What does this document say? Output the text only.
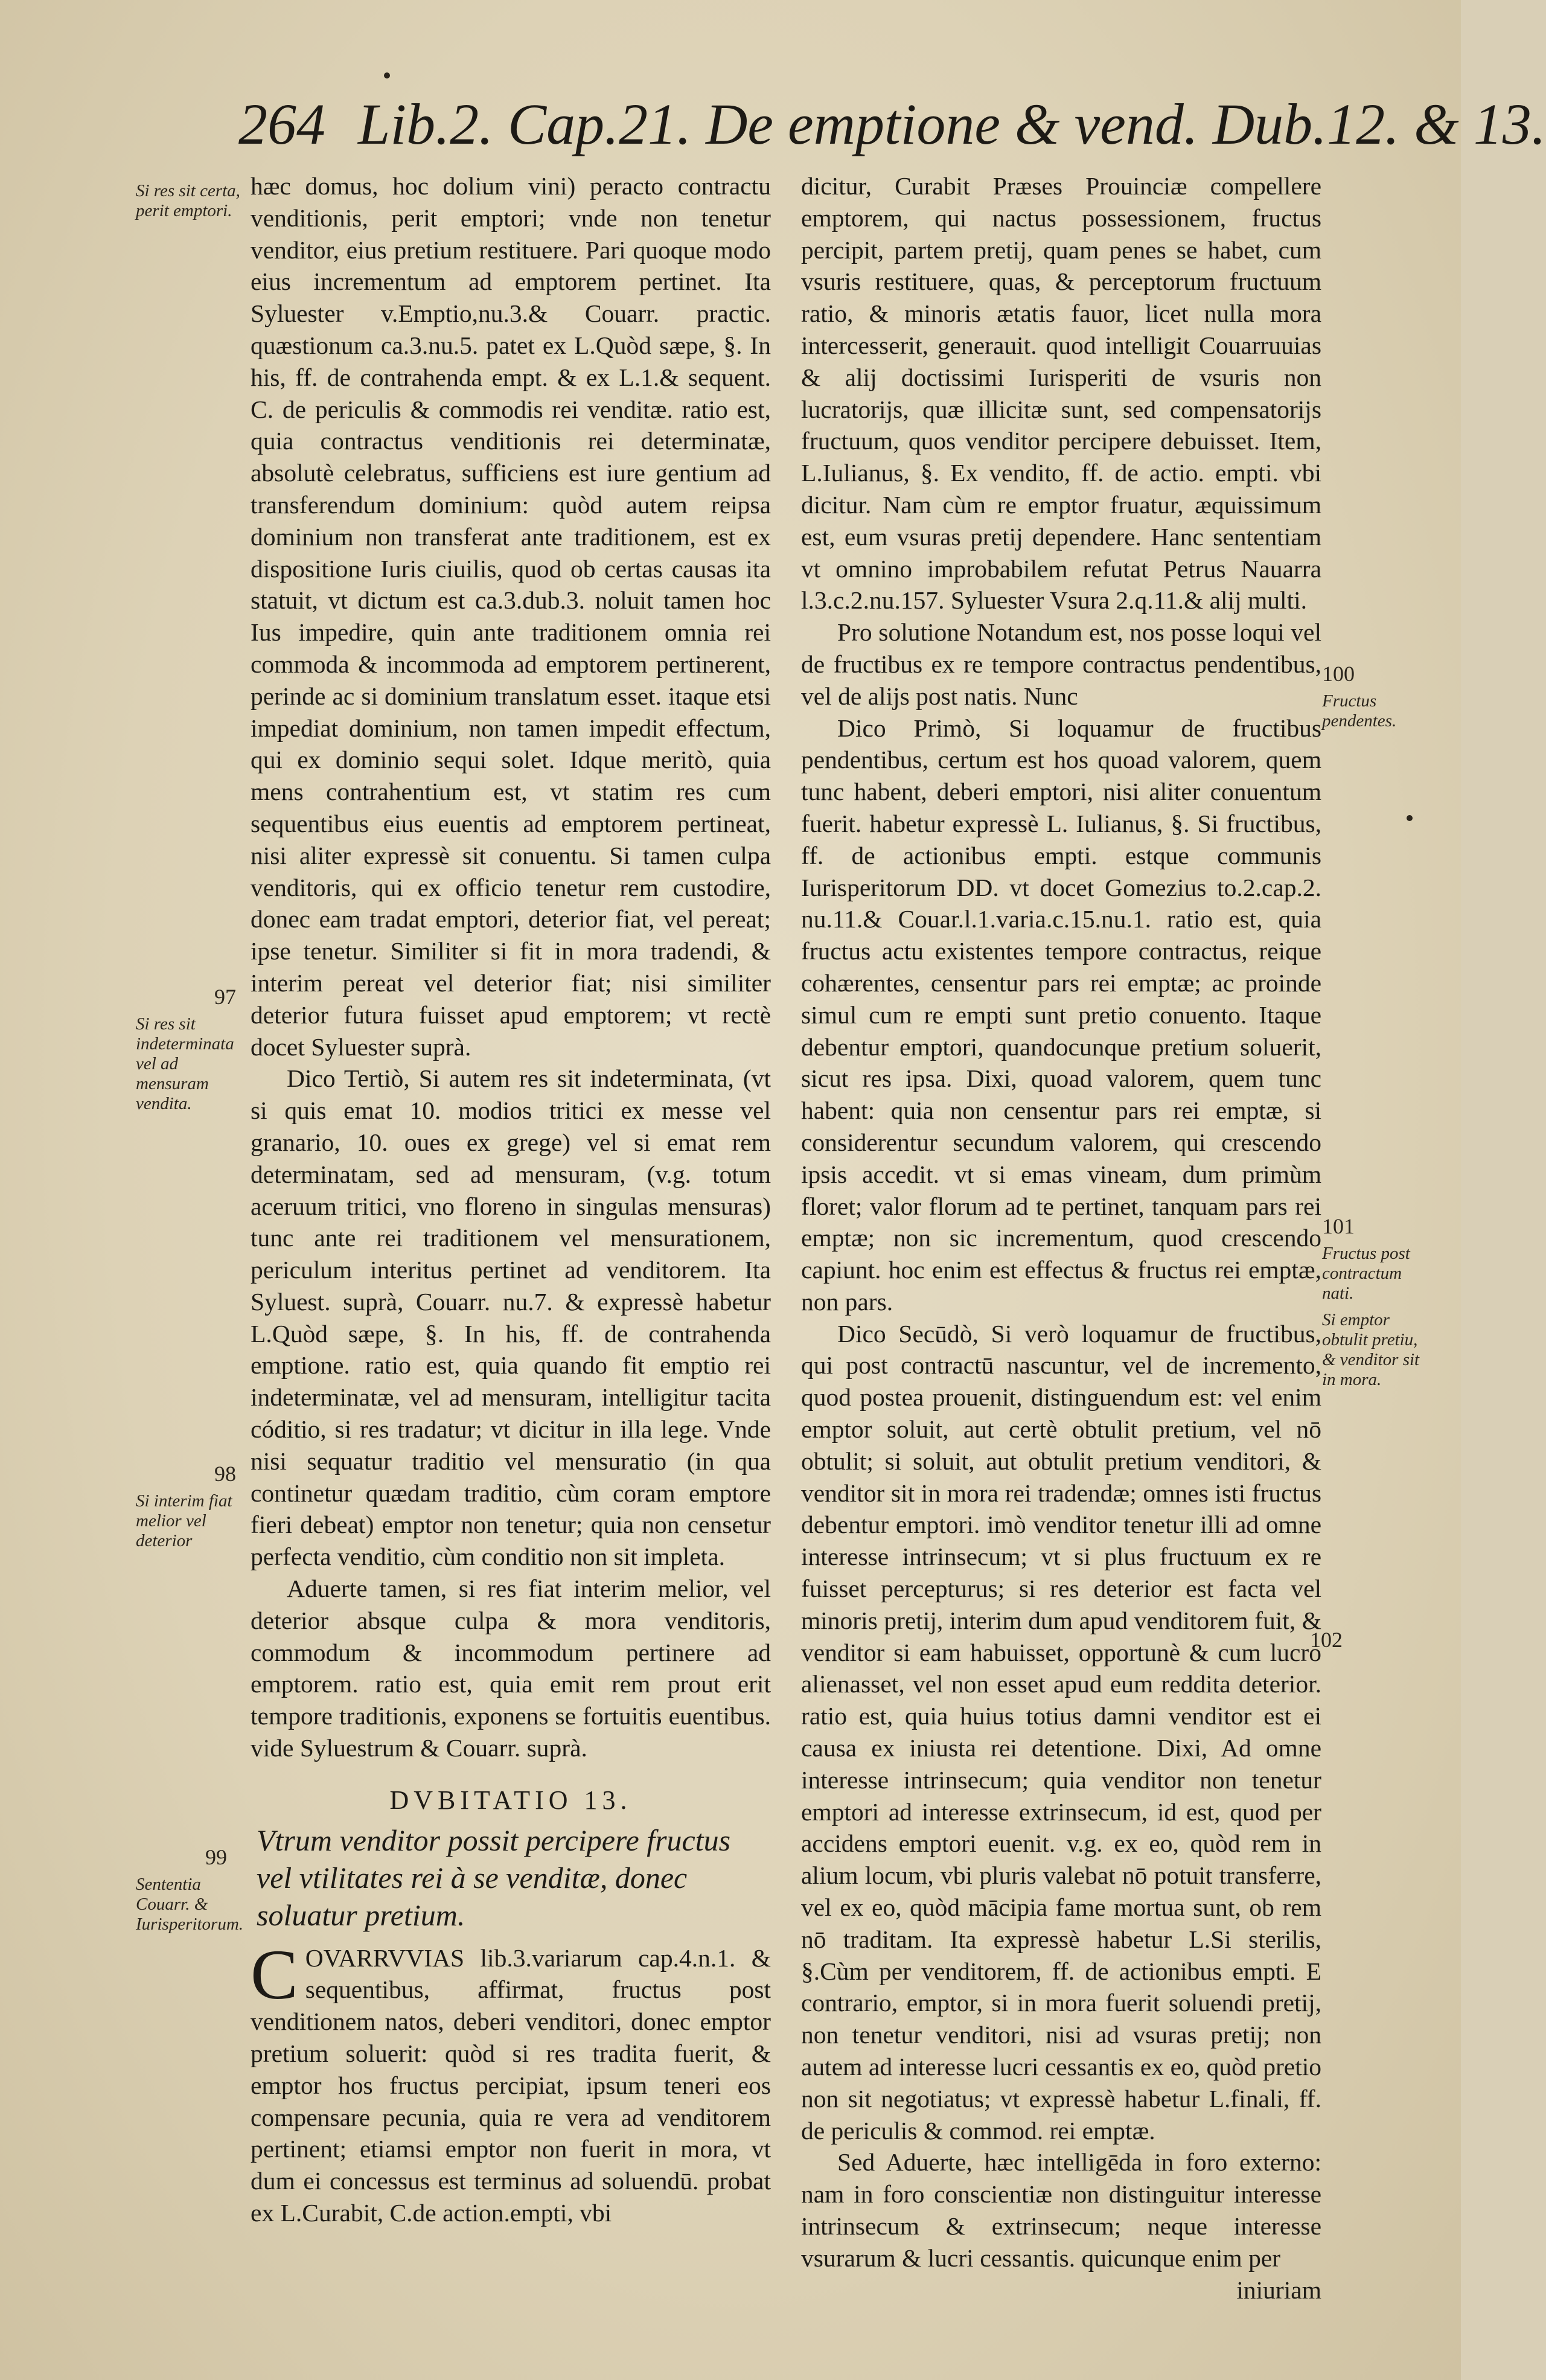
264 Lib.2. Cap.21. De emptione & vend. Dub.12. & 13.
Si res sit certa, perit emptori.
97
Si res sit indeterminata vel ad mensuram vendita.
98
Si interim fiat melior vel deterior
99
Sententia Couarr. & Iurisperitorum.
100
Fructus pendentes.
101
Fructus post contractum nati.
Si emptor obtulit pretiu, & venditor sit in mora.
102

hæc domus, hoc dolium vini) peracto contractu venditionis, perit emptori; vnde non tenetur venditor, eius pretium restituere. Pari quoque modo eius incrementum ad emptorem pertinet. Ita Syluester v.Emptio,nu.3.& Couarr. practic. quæstionum ca.3.nu.5. patet ex L.Quòd sæpe, §. In his, ff. de contrahenda empt. & ex L.1.& sequent. C. de periculis & commodis rei venditæ. ratio est, quia contractus venditionis rei determinatæ, absolutè celebratus, sufficiens est iure gentium ad transferendum dominium: quòd autem reipsa dominium non transferat ante traditionem, est ex dispositione Iuris ciuilis, quod ob certas causas ita statuit, vt dictum est ca.3.dub.3. noluit tamen hoc Ius impedire, quin ante traditionem omnia rei commoda & incommoda ad emptorem pertinerent, perinde ac si dominium translatum esset. itaque etsi impediat dominium, non tamen impedit effectum, qui ex dominio sequi solet. Idque meritò, quia mens contrahentium est, vt statim res cum sequentibus eius euentis ad emptorem pertineat, nisi aliter expressè sit conuentu. Si tamen culpa venditoris, qui ex officio tenetur rem custodire, donec eam tradat emptori, deterior fiat, vel pereat; ipse tenetur. Similiter si fit in mora tradendi, & interim pereat vel deterior fiat; nisi similiter deterior futura fuisset apud emptorem; vt rectè docet Syluester suprà.

Dico Tertiò, Si autem res sit indeterminata, (vt si quis emat 10. modios tritici ex messe vel granario, 10. oues ex grege) vel si emat rem determinatam, sed ad mensuram, (v.g. totum aceruum tritici, vno floreno in singulas mensuras) tunc ante rei traditionem vel mensurationem, periculum interitus pertinet ad venditorem. Ita Syluest. suprà, Couarr. nu.7. & expressè habetur L.Quòd sæpe, §. In his, ff. de contrahenda emptione. ratio est, quia quando fit emptio rei indeterminatæ, vel ad mensuram, intelligitur tacita códitio, si res tradatur; vt dicitur in illa lege. Vnde nisi sequatur traditio vel mensuratio (in qua continetur quædam traditio, cùm coram emptore fieri debeat) emptor non tenetur; quia non censetur perfecta venditio, cùm conditio non sit impleta.

Aduerte tamen, si res fiat interim melior, vel deterior absque culpa & mora venditoris, commodum & incommodum pertinere ad emptorem. ratio est, quia emit rem prout erit tempore traditionis, exponens se fortuitis euentibus. vide Syluestrum & Couarr. suprà.

DVBITATIO 13.

Vtrum venditor possit percipere fructus vel vtilitates rei à se venditæ, donec soluatur pretium.

COVARRVVIAS lib.3.variarum cap.4.n.1. & sequentibus, affirmat, fructus post venditionem natos, deberi venditori, donec emptor pretium soluerit: quòd si res tradita fuerit, & emptor hos fructus percipiat, ipsum teneri eos compensare pecunia, quia re vera ad venditorem pertinent; etiamsi emptor non fuerit in mora, vt dum ei concessus est terminus ad soluendū. probat ex L.Curabit, C.de action.empti, vbi

dicitur, Curabit Præses Prouinciæ compellere emptorem, qui nactus possessionem, fructus percipit, partem pretij, quam penes se habet, cum vsuris restituere, quas, & perceptorum fructuum ratio, & minoris ætatis fauor, licet nulla mora intercesserit, generauit. quod intelligit Couarruuias & alij doctissimi Iurisperiti de vsuris non lucratorijs, quæ illicitæ sunt, sed compensatorijs fructuum, quos venditor percipere debuisset. Item, L.Iulianus, §. Ex vendito, ff. de actio. empti. vbi dicitur. Nam cùm re emptor fruatur, æquissimum est, eum vsuras pretij dependere. Hanc sententiam vt omnino improbabilem refutat Petrus Nauarra l.3.c.2.nu.157. Syluester Vsura 2.q.11.& alij multi.

Pro solutione Notandum est, nos posse loqui vel de fructibus ex re tempore contractus pendentibus, vel de alijs post natis. Nunc

Dico Primò, Si loquamur de fructibus pendentibus, certum est hos quoad valorem, quem tunc habent, deberi emptori, nisi aliter conuentum fuerit. habetur expressè L. Iulianus, §. Si fructibus, ff. de actionibus empti. estque communis Iurisperitorum DD. vt docet Gomezius to.2.cap.2. nu.11.& Couar.l.1.varia.c.15.nu.1. ratio est, quia fructus actu existentes tempore contractus, reique cohærentes, censentur pars rei emptæ; ac proinde simul cum re empti sunt pretio conuento. Itaque debentur emptori, quandocunque pretium soluerit, sicut res ipsa. Dixi, quoad valorem, quem tunc habent: quia non censentur pars rei emptæ, si considerentur secundum valorem, qui crescendo ipsis accedit. vt si emas vineam, dum primùm floret; valor florum ad te pertinet, tanquam pars rei emptæ; non sic incrementum, quod crescendo capiunt. hoc enim est effectus & fructus rei emptæ, non pars.

Dico Secūdò, Si verò loquamur de fructibus, qui post contractū nascuntur, vel de incremento, quod postea prouenit, distinguendum est: vel enim emptor soluit, aut certè obtulit pretium, vel nō obtulit; si soluit, aut obtulit pretium venditori, & venditor sit in mora rei tradendæ; omnes isti fructus debentur emptori. imò venditor tenetur illi ad omne interesse intrinsecum; vt si plus fructuum ex re fuisset percepturus; si res deterior est facta vel minoris pretij, interim dum apud venditorem fuit, & venditor si eam habuisset, opportunè & cum lucro alienasset, vel non esset apud eum reddita deterior. ratio est, quia huius totius damni venditor est ei causa ex iniusta rei detentione. Dixi, Ad omne interesse intrinsecum; quia venditor non tenetur emptori ad interesse extrinsecum, id est, quod per accidens emptori euenit. v.g. ex eo, quòd rem in alium locum, vbi pluris valebat nō potuit transferre, vel ex eo, quòd mācipia fame mortua sunt, ob rem nō traditam. Ita expressè habetur L.Si sterilis, §.Cùm per venditorem, ff. de actionibus empti. E contrario, emptor, si in mora fuerit soluendi pretij, non tenetur venditori, nisi ad vsuras pretij; non autem ad interesse lucri cessantis ex eo, quòd pretio non sit negotiatus; vt expressè habetur L.finali, ff. de periculis & commod. rei emptæ.

Sed Aduerte, hæc intelligēda in foro externo: nam in foro conscientiæ non distinguitur interesse intrinsecum & extrinsecum; neque interesse vsurarum & lucri cessantis. quicunque enim per

iniuriam
